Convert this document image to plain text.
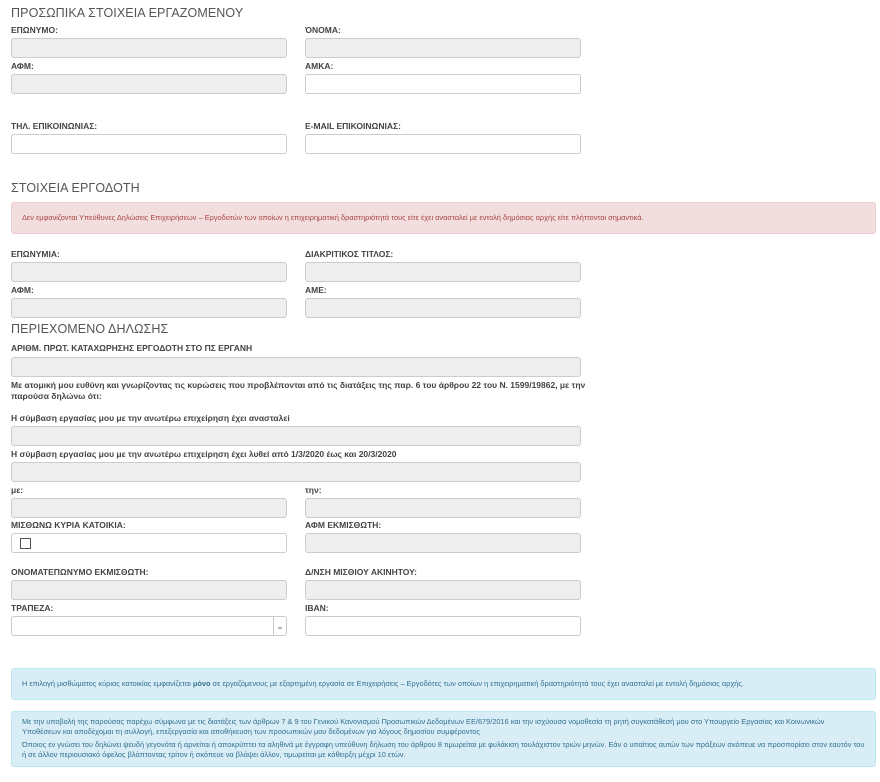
ΠΡΟΣΩΠΙΚΑ ΣΤΟΙΧΕΙΑ ΕΡΓΑΖΟΜΕΝΟΥ
ΕΠΩΝΥΜΟ:	ΌΝΟΜΑ:
ΑΦΜ:	ΑΜΚΑ:
ΤΗΛ. ΕΠΙΚΟΙΝΩΝΙΑΣ:	E-MAIL ΕΠΙΚΟΙΝΩΝΙΑΣ:
ΣΤΟΙΧΕΙΑ ΕΡΓΟΔΟΤΗ
Δεν εμφανίζονται Υπεύθυνες Δηλώσεις Επιχειρήσεων – Εργοδοτών των οποίων η επιχειρηματική δραστηριότητά τους είτε έχει ανασταλεί με εντολή δημόσιας αρχής είτε πλήττονται σημαντικά.
ΕΠΩΝΥΜΙΑ:	ΔΙΑΚΡΙΤΙΚΟΣ ΤΙΤΛΟΣ:
ΑΦΜ:	ΑΜΕ:
ΠΕΡΙΕΧΟΜΕΝΟ ΔΗΛΩΣΗΣ
ΑΡΙΘΜ. ΠΡΩΤ. ΚΑΤΑΧΩΡΗΣΗΣ ΕΡΓΟΔΟΤΗ ΣΤΟ ΠΣ ΕΡΓΑΝΗ
Με ατομική μου ευθύνη και γνωρίζοντας τις κυρώσεις που προβλέπονται από τις διατάξεις της παρ. 6 του άρθρου 22 του Ν. 1599/19862, με την παρούσα δηλώνω ότι:
Η σύμβαση εργασίας μου με την ανωτέρω επιχείρηση έχει ανασταλεί
Η σύμβαση εργασίας μου με την ανωτέρω επιχείρηση έχει λυθεί από 1/3/2020 έως και 20/3/2020
με:	την:
ΜΙΣΘΩΝΩ ΚΥΡΙΑ ΚΑΤΟΙΚΙΑ:	ΑΦΜ ΕΚΜΙΣΘΩΤΗ:
ΟΝΟΜΑΤΕΠΩΝΥΜΟ ΕΚΜΙΣΘΩΤΗ:	Δ/ΝΣΗ ΜΙΣΘΙΟΥ ΑΚΙΝΗΤΟΥ:
ΤΡΑΠΕΖΑ:	IBAN:
⌄
Η επιλογή μισθώματος κύριας κατοικίας εμφανίζεται μόνο σε εργαζόμενους με εξαρτημένη εργασία σε Επιχειρήσεις – Εργοδότες των οποίων η επιχειρηματική δραστηριότητά τους έχει ανασταλεί με εντολή δημόσιας αρχής.
Με την υποβολή της παρούσας παρέχω σύμφωνα με τις διατάξεις των άρθρων 7 & 9 του Γενικού Κανονισμού Προσωπικών Δεδομένων ΕΕ/679/2016 και την ισχύουσα νομοθεσία τη ρητή συγκατάθεσή μου στο Υπουργείο Εργασίας και Κοινωνικών Υποθέσεων και αποδέχομαι τη συλλογή, επεξεργασία και αποθήκευση των προσωπικών μου δεδομένων για λόγους δημοσίου συμφέροντος
Όποιος εν γνώσει του δηλώνει ψευδή γεγονότα ή αρνείται ή αποκρύπτει τα αληθινά με έγγραφη υπεύθυνη δήλωση του άρθρου 8 τιμωρείται με φυλάκιση τουλάχιστον τριών μηνών. Εάν ο υπαίτιος αυτών των πράξεων σκόπευε να προσπορίσει στον εαυτόν του ή σε άλλον περιουσιακό όφελος βλάπτοντας τρίτον ή σκόπευε να βλάψει άλλον, τιμωρείται με κάθειρξη μέχρι 10 ετών.
